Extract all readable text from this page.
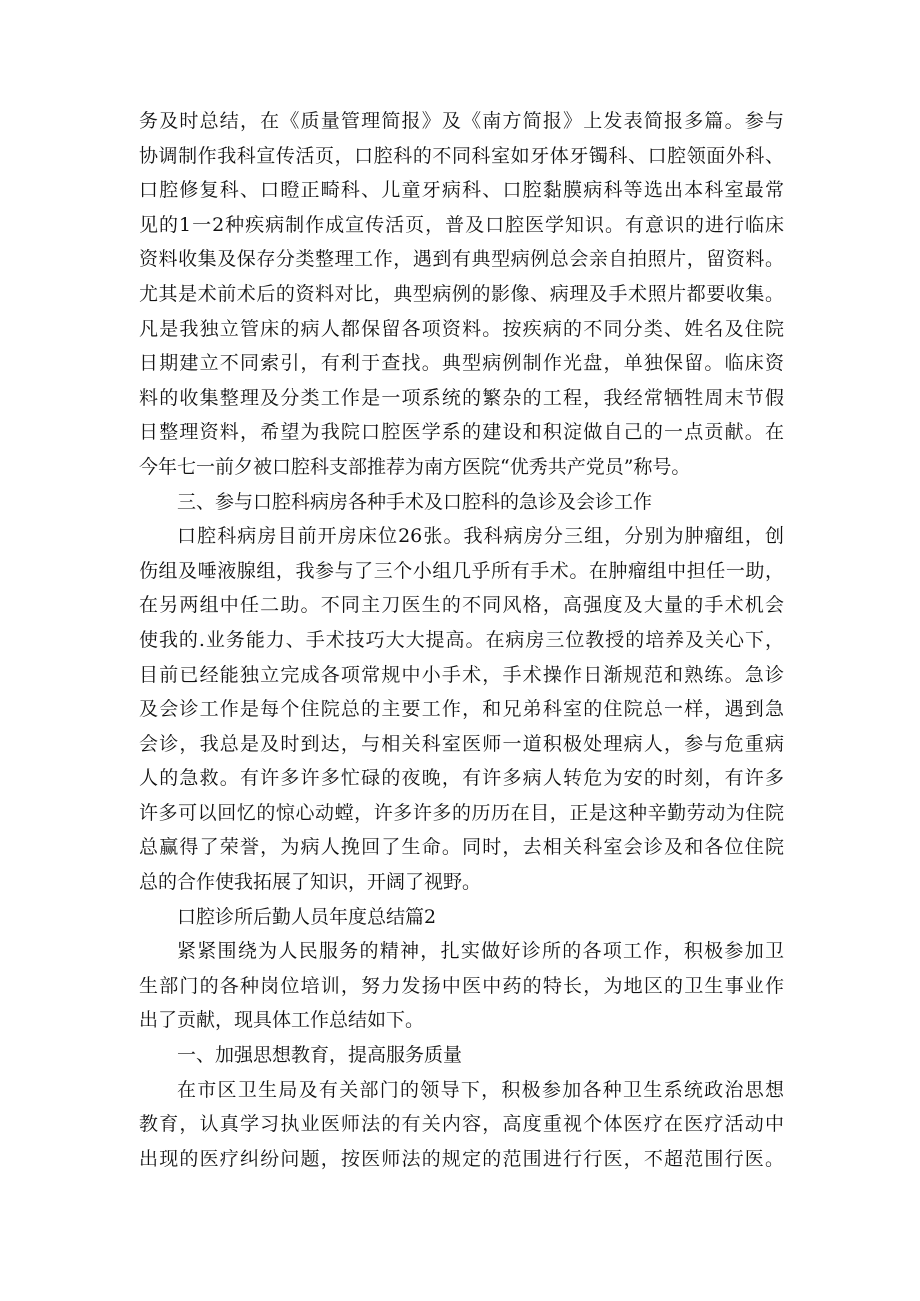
务及时总结，在《质量管理简报》及《南方简报》上发表简报多篇。参与
协调制作我科宣传活页，口腔科的不同科室如牙体牙镯科、口腔领面外科、
口腔修复科、口瞪正畸科、儿童牙病科、口腔黏膜病科等选出本科室最常
见的1一2种疾病制作成宣传活页，普及口腔医学知识。有意识的进行临床
资料收集及保存分类整理工作，遇到有典型病例总会亲自拍照片，留资料。
尤其是术前术后的资料对比，典型病例的影像、病理及手术照片都要收集。
凡是我独立管床的病人都保留各项资料。按疾病的不同分类、姓名及住院
日期建立不同索引，有利于查找。典型病例制作光盘，单独保留。临床资
料的收集整理及分类工作是一项系统的繁杂的工程，我经常牺牲周末节假
日整理资料，希望为我院口腔医学系的建设和积淀做自己的一点贡献。在
今年七一前夕被口腔科支部推荐为南方医院“优秀共产党员”称号。
三、参与口腔科病房各种手术及口腔科的急诊及会诊工作
口腔科病房目前开房床位26张。我科病房分三组，分别为肿瘤组，创
伤组及唾液腺组，我参与了三个小组几乎所有手术。在肿瘤组中担任一助，
在另两组中任二助。不同主刀医生的不同风格，高强度及大量的手术机会
使我的.业务能力、手术技巧大大提高。在病房三位教授的培养及关心下，
目前已经能独立完成各项常规中小手术，手术操作日渐规范和熟练。急诊
及会诊工作是每个住院总的主要工作，和兄弟科室的住院总一样，遇到急
会诊，我总是及时到达，与相关科室医师一道积极处理病人，参与危重病
人的急救。有许多许多忙碌的夜晚，有许多病人转危为安的时刻，有许多
许多可以回忆的惊心动螳，许多许多的历历在目，正是这种辛勤劳动为住院
总赢得了荣誉，为病人挽回了生命。同时，去相关科室会诊及和各位住院
总的合作使我拓展了知识，开阔了视野。
口腔诊所后勤人员年度总结篇2
紧紧围绕为人民服务的精神，扎实做好诊所的各项工作，积极参加卫
生部门的各种岗位培训，努力发扬中医中药的特长，为地区的卫生事业作
出了贡献，现具体工作总结如下。
一、加强思想教育，提高服务质量
在市区卫生局及有关部门的领导下，积极参加各种卫生系统政治思想
教育，认真学习执业医师法的有关内容，高度重视个体医疗在医疗活动中
出现的医疗纠纷问题，按医师法的规定的范围进行行医，不超范围行医。
